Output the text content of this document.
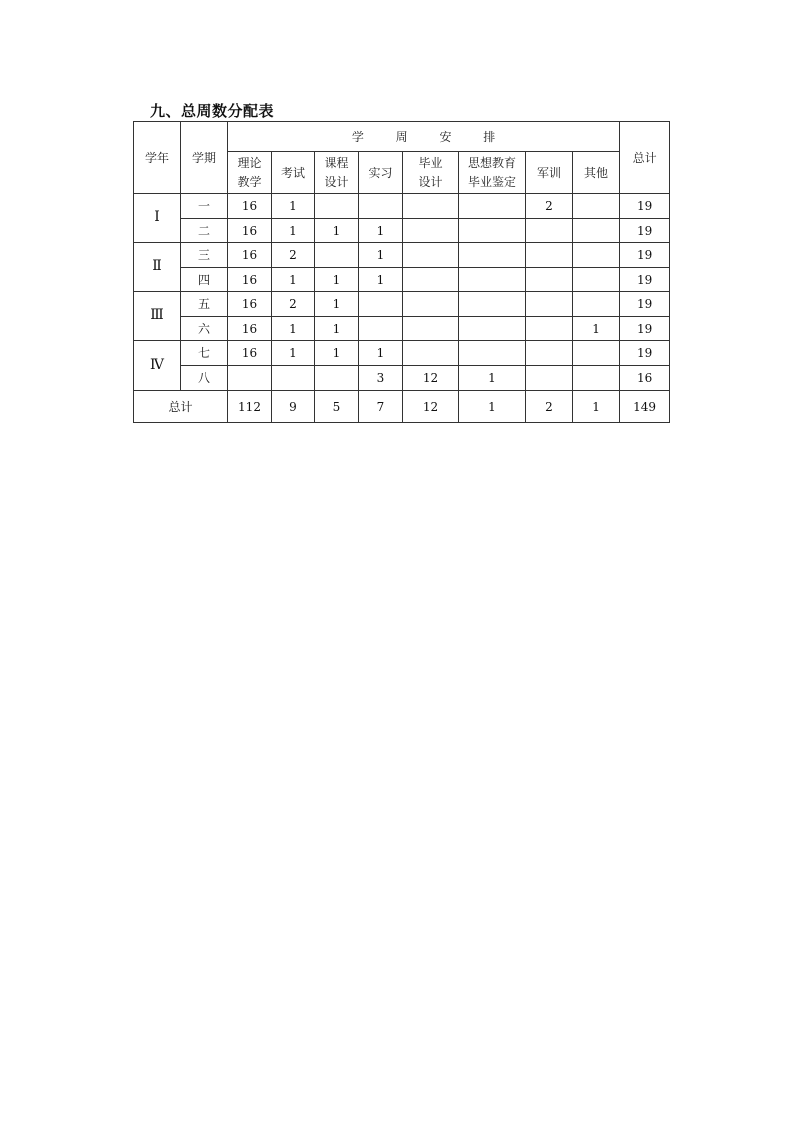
九、总周数分配表
学年	学期	学 周 安 排								总计
		理论教学	考试	课程设计	实习	毕业设计	思想教育毕业鉴定	军训	其他	
Ⅰ	一	16	1					2		19
	二	16	1	1	1					19
Ⅱ	三	16	2		1					19
	四	16	1	1	1					19
Ⅲ	五	16	2	1						19
	六	16	1	1					1	19
Ⅳ	七	16	1	1	1					19
	八				3	12	1			16
总计		112	9	5	7	12	1	2	1	149
